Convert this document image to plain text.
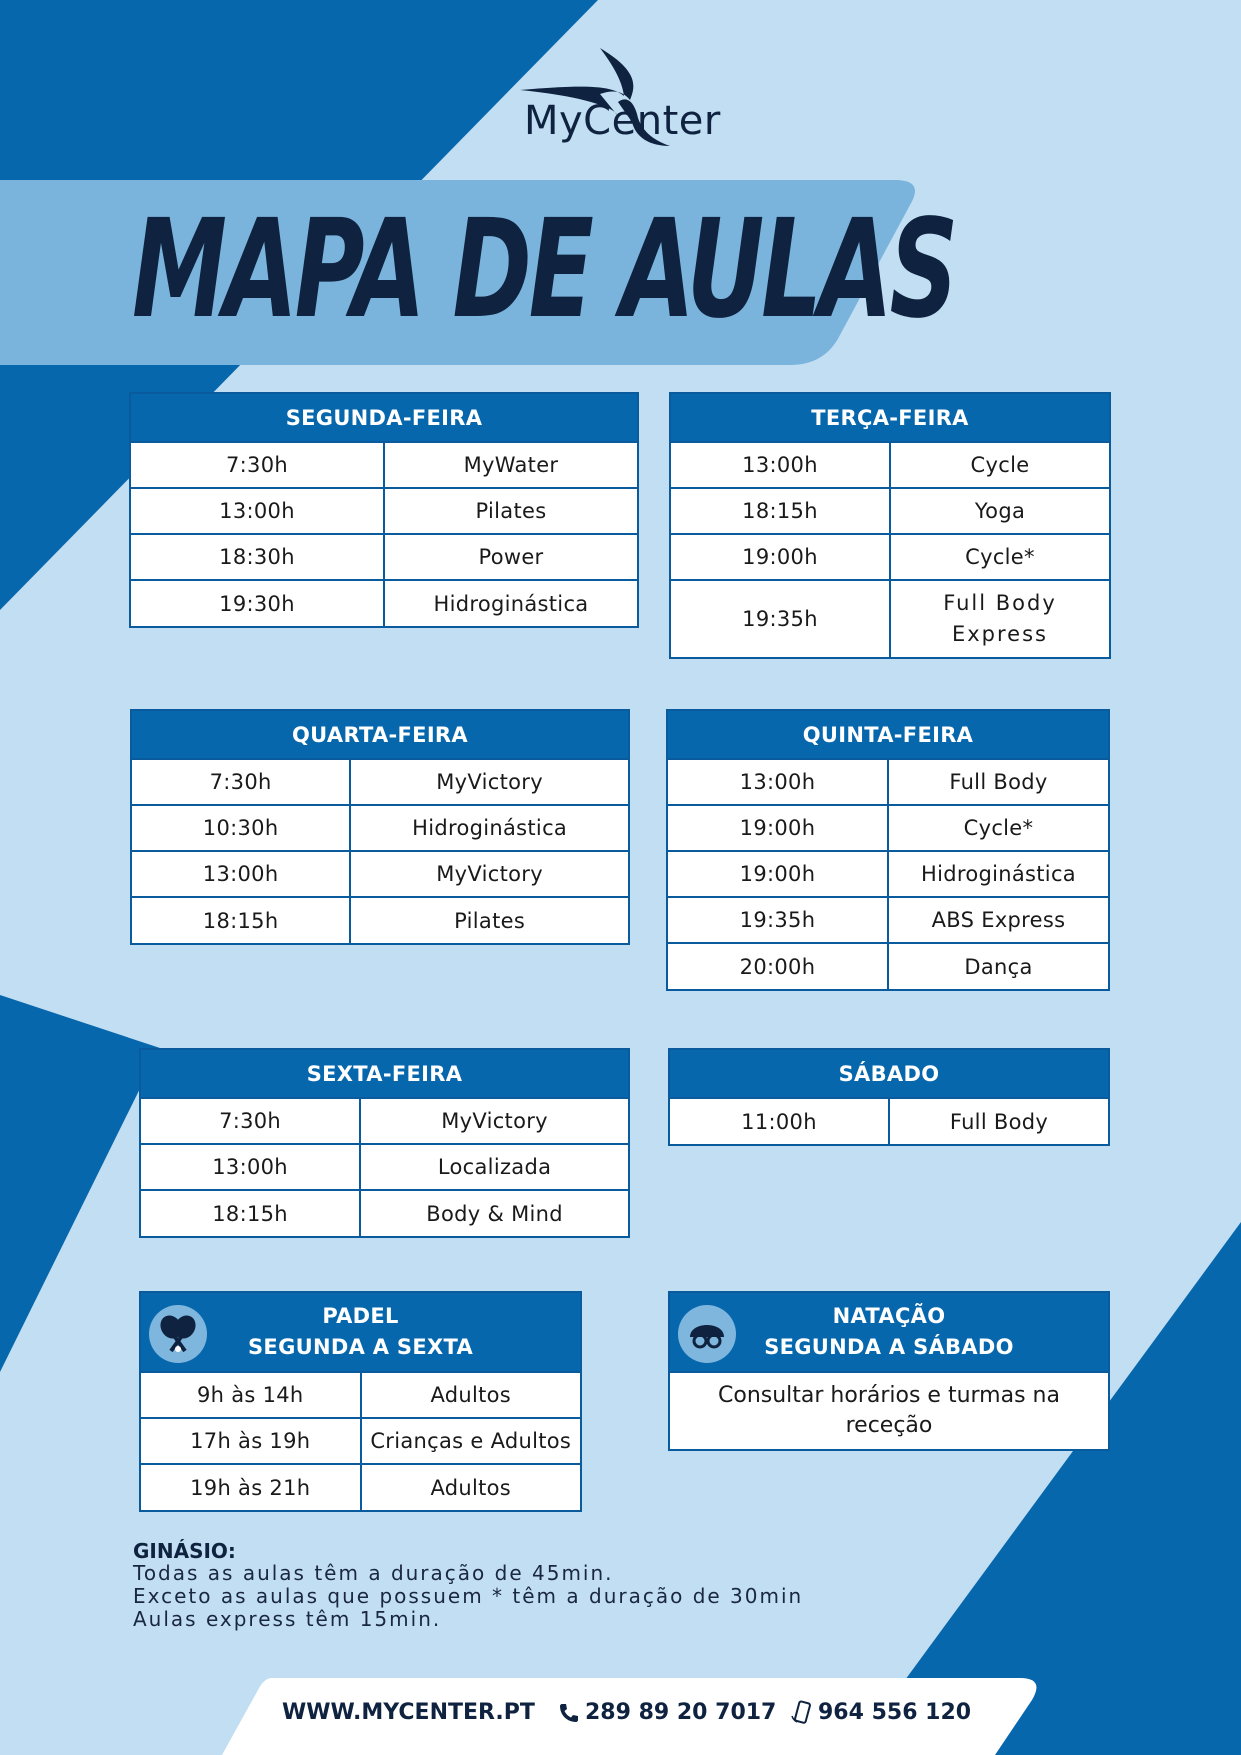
MyCenter
MAPA DE AULAS
SEGUNDA-FEIRA
7:30h	MyWater
13:00h	Pilates
18:30h	Power
19:30h	Hidroginástica
TERÇA-FEIRA
13:00h	Cycle
18:15h	Yoga
19:00h	Cycle*
19:35h	Full Body Express
QUARTA-FEIRA
7:30h	MyVictory
10:30h	Hidroginástica
13:00h	MyVictory
18:15h	Pilates
QUINTA-FEIRA
13:00h	Full Body
19:00h	Cycle*
19:00h	Hidroginástica
19:35h	ABS Express
20:00h	Dança
SEXTA-FEIRA
7:30h	MyVictory
13:00h	Localizada
18:15h	Body & Mind
SÁBADO
11:00h	Full Body
PADEL
SEGUNDA A SEXTA
9h às 14h	Adultos
17h às 19h	Crianças e Adultos
19h às 21h	Adultos
NATAÇÃO
SEGUNDA A SÁBADO
Consultar horários e turmas na receção
GINÁSIO:
Todas as aulas têm a duração de 45min.
Exceto as aulas que possuem * têm a duração de 30min
Aulas express têm 15min.
WWW.MYCENTER.PT	289 89 20 7017	964 556 120
